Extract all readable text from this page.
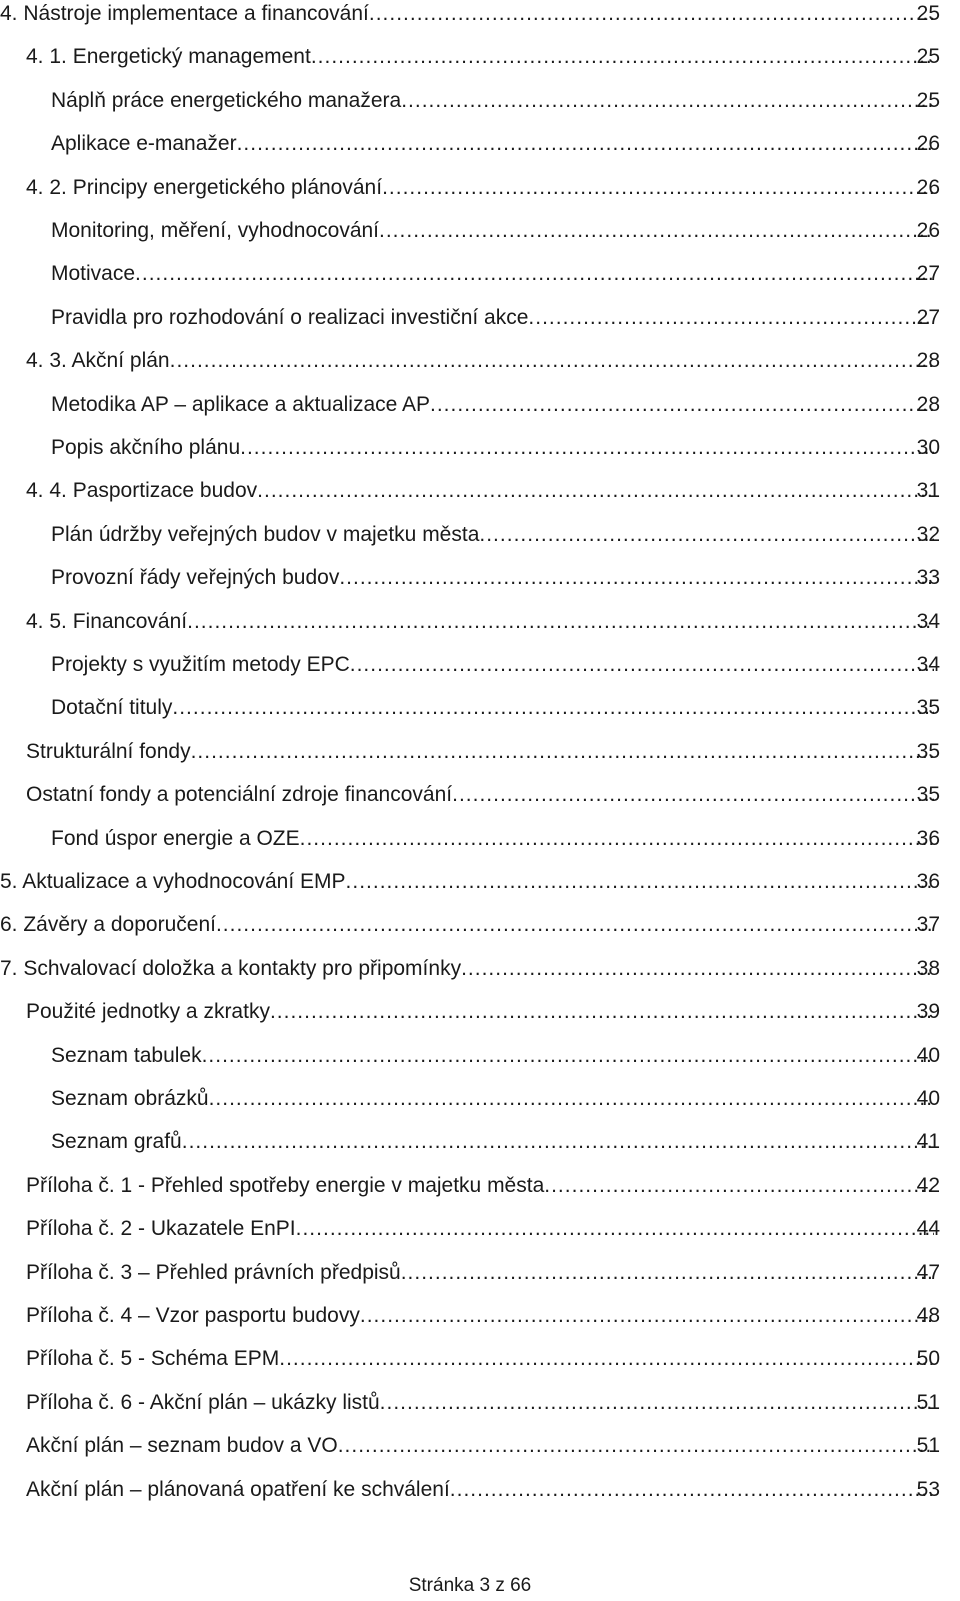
4. Nástroje implementace a financování .....	25
4. 1. Energetický management .....	25
Náplň práce energetického manažera .....	25
Aplikace e-manažer .....	26
4. 2. Principy energetického plánování .....	26
Monitoring, měření, vyhodnocování .....	26
Motivace .....	27
Pravidla pro rozhodování o realizaci investiční akce .....	27
4. 3. Akční plán .....	28
Metodika AP – aplikace a aktualizace AP .....	28
Popis akčního plánu .....	30
4. 4. Pasportizace budov .....	31
Plán údržby veřejných budov v majetku města .....	32
Provozní řády veřejných budov .....	33
4. 5. Financování .....	34
Projekty s využitím metody EPC .....	34
Dotační tituly .....	35
Strukturální fondy .....	35
Ostatní fondy a potenciální zdroje financování .....	35
Fond úspor energie a OZE .....	36
5. Aktualizace a vyhodnocování EMP .....	36
6. Závěry a doporučení .....	37
7. Schvalovací doložka a kontakty pro připomínky .....	38
Použité jednotky a zkratky .....	39
Seznam tabulek .....	40
Seznam obrázků .....	40
Seznam grafů .....	41
Příloha č. 1 - Přehled spotřeby energie v majetku města .....	42
Příloha č. 2 - Ukazatele EnPI .....	44
Příloha č. 3 – Přehled právních předpisů .....	47
Příloha č. 4 – Vzor pasportu budovy .....	48
Příloha č. 5 - Schéma EPM .....	50
Příloha č. 6 - Akční plán – ukázky listů .....	51
Akční plán – seznam budov a VO .....	51
Akční plán – plánovaná opatření ke schválení .....	53
Stránka 3 z 66
